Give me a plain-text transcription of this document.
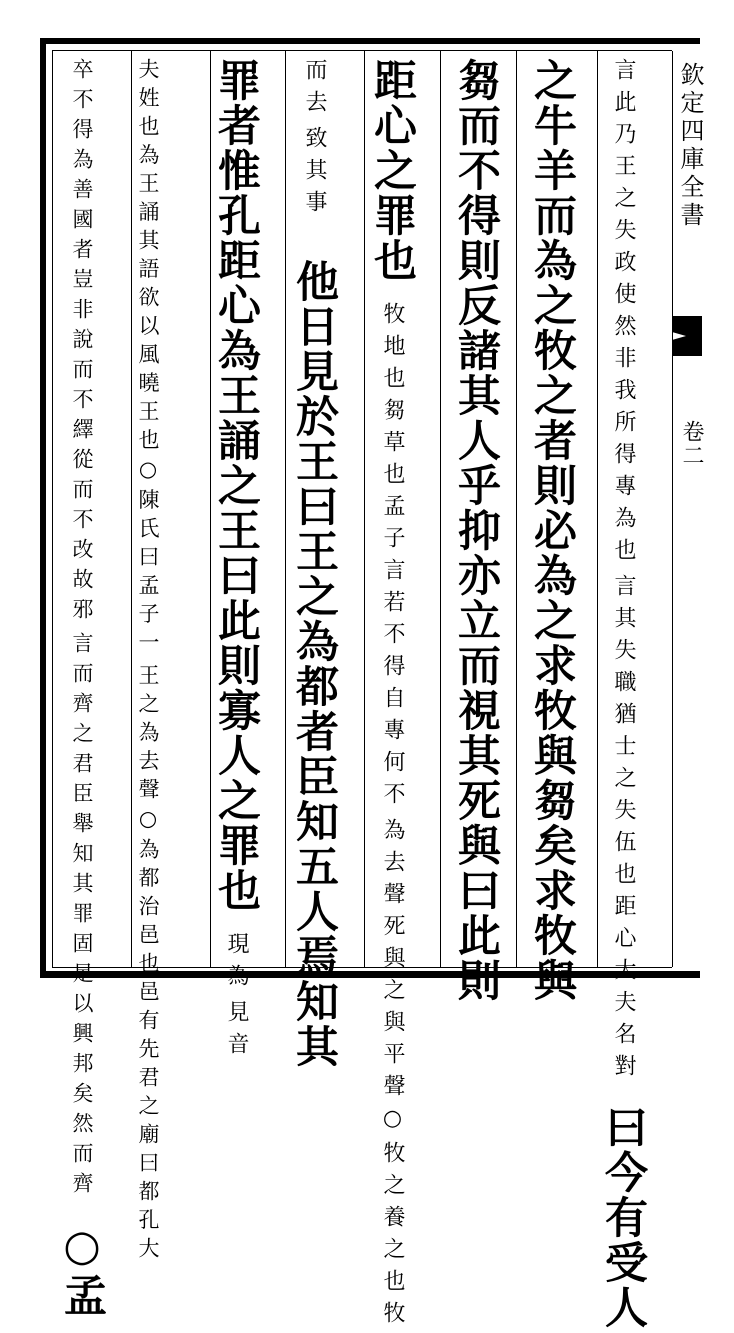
欽定四庫全書
卷二
言其失職猶士之失伍也距心大夫名對
言此乃王之失政使然非我所得專為也
曰今有受人
之牛羊而為之牧之者則必為之求牧與芻矣求牧與
芻而不得則反諸其人乎抑亦立而視其死與曰此則
距心之罪也
為去聲死與之與平聲○牧之養之也牧
牧地也芻草也孟子言若不得自專何不
致其事
而去
他日見於王曰王之為都者臣知五人焉知其
罪者惟孔距心為王誦之王曰此則寡人之罪也
見音
現為
王之為去聲○為都治邑也邑有先君之廟曰都孔大
夫姓也為王誦其語欲以風曉王也○陳氏曰孟子一
言而齊之君臣舉知其罪固足以興邦矣然而齊
卒不得為善國者豈非說而不繹從而不改故邪
○孟
